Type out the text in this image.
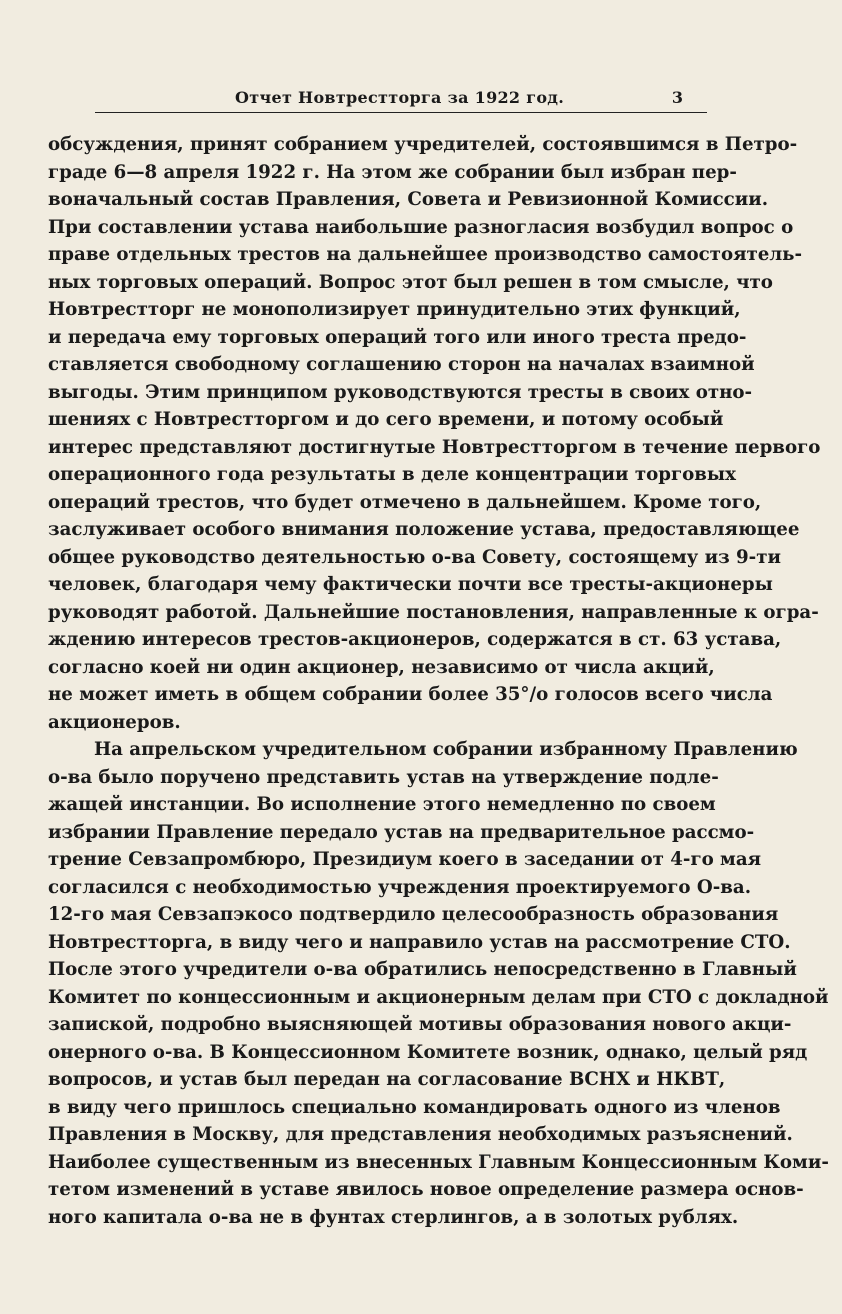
Отчет Новтрестторга за 1922 год.	3
обсуждения, принят собранием учредителей, состоявшимся в Петро-
граде 6—8 апреля 1922 г. На этом же собрании был избран пер-
воначальный состав Правления, Совета и Ревизионной Комиссии.
При составлении устава наибольшие разногласия возбудил вопрос о
праве отдельных трестов на дальнейшее производство самостоятель-
ных торговых операций. Вопрос этот был решен в том смысле, что
Новтрестторг не монополизирует принудительно этих функций,
и передача ему торговых операций того или иного треста предо-
ставляется свободному соглашению сторон на началах взаимной
выгоды. Этим принципом руководствуются тресты в своих отно-
шениях с Новтрестторгом и до сего времени, и потому особый
интерес представляют достигнутые Новтрестторгом в течение первого
операционного года результаты в деле концентрации торговых
операций трестов, что будет отмечено в дальнейшем. Кроме того,
заслуживает особого внимания положение устава, предоставляющее
общее руководство деятельностью о-ва Совету, состоящему из 9-ти
человек, благодаря чему фактически почти все тресты-акционеры
руководят работой. Дальнейшие постановления, направленные к огра-
ждению интересов трестов-акционеров, содержатся в ст. 63 устава,
согласно коей ни один акционер, независимо от числа акций,
не может иметь в общем собрании более 35°/o голосов всего числа
акционеров.
На апрельском учредительном собрании избранному Правлению
о-ва было поручено представить устав на утверждение подле-
жащей инстанции. Во исполнение этого немедленно по своем
избрании Правление передало устав на предварительное рассмо-
трение Севзапромбюро, Президиум коего в заседании от 4-го мая
согласился с необходимостью учреждения проектируемого О-ва.
12-го мая Севзапэкосо подтвердило целесообразность образования
Новтрестторга, в виду чего и направило устав на рассмотрение СТО.
После этого учредители о-ва обратились непосредственно в Главный
Комитет по концессионным и акционерным делам при СТО с докладной
запиской, подробно выясняющей мотивы образования нового акци-
онерного о-ва. В Концессионном Комитете возник, однако, целый ряд
вопросов, и устав был передан на согласование ВСНХ и НКВТ,
в виду чего пришлось специально командировать одного из членов
Правления в Москву, для представления необходимых разъяснений.
Наиболее существенным из внесенных Главным Концессионным Коми-
тетом изменений в уставе явилось новое определение размера основ-
ного капитала о-ва не в фунтах стерлингов, а в золотых рублях.
